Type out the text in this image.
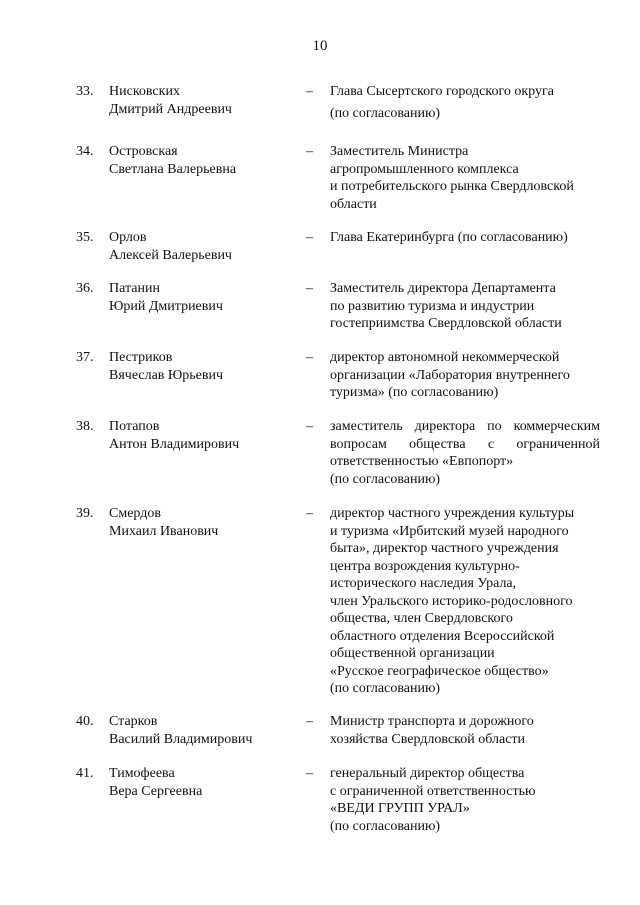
10
33.	Нисковских
Дмитрий Андреевич
– Глава Сысертского городского округа
(по согласованию)
34.	Островская
Светлана Валерьевна
– Заместитель Министра
агропромышленного комплекса
и потребительского рынка Свердловской
области
35.	Орлов
Алексей Валерьевич
– Глава Екатеринбурга (по согласованию)
36.	Патанин
Юрий Дмитриевич
– Заместитель директора Департамента
по развитию туризма и индустрии
гостеприимства Свердловской области
37.	Пестриков
Вячеслав Юрьевич
– директор автономной некоммерческой
организации «Лаборатория внутреннего
туризма» (по согласованию)
38.	Потапов
Антон Владимирович
– заместитель директора по коммерческим
вопросам общества с ограниченной
ответственностью «Евпопорт»
(по согласованию)
39.	Смердов
Михаил Иванович
– директор частного учреждения культуры
и туризма «Ирбитский музей народного
быта», директор частного учреждения
центра возрождения культурно-
исторического наследия Урала,
член Уральского историко-родословного
общества, член Свердловского
областного отделения Всероссийской
общественной организации
«Русское географическое общество»
(по согласованию)
40.	Старков
Василий Владимирович
– Министр транспорта и дорожного
хозяйства Свердловской области
41.	Тимофеева
Вера Сергеевна
– генеральный директор общества
с ограниченной ответственностью
«ВЕДИ ГРУПП УРАЛ»
(по согласованию)
